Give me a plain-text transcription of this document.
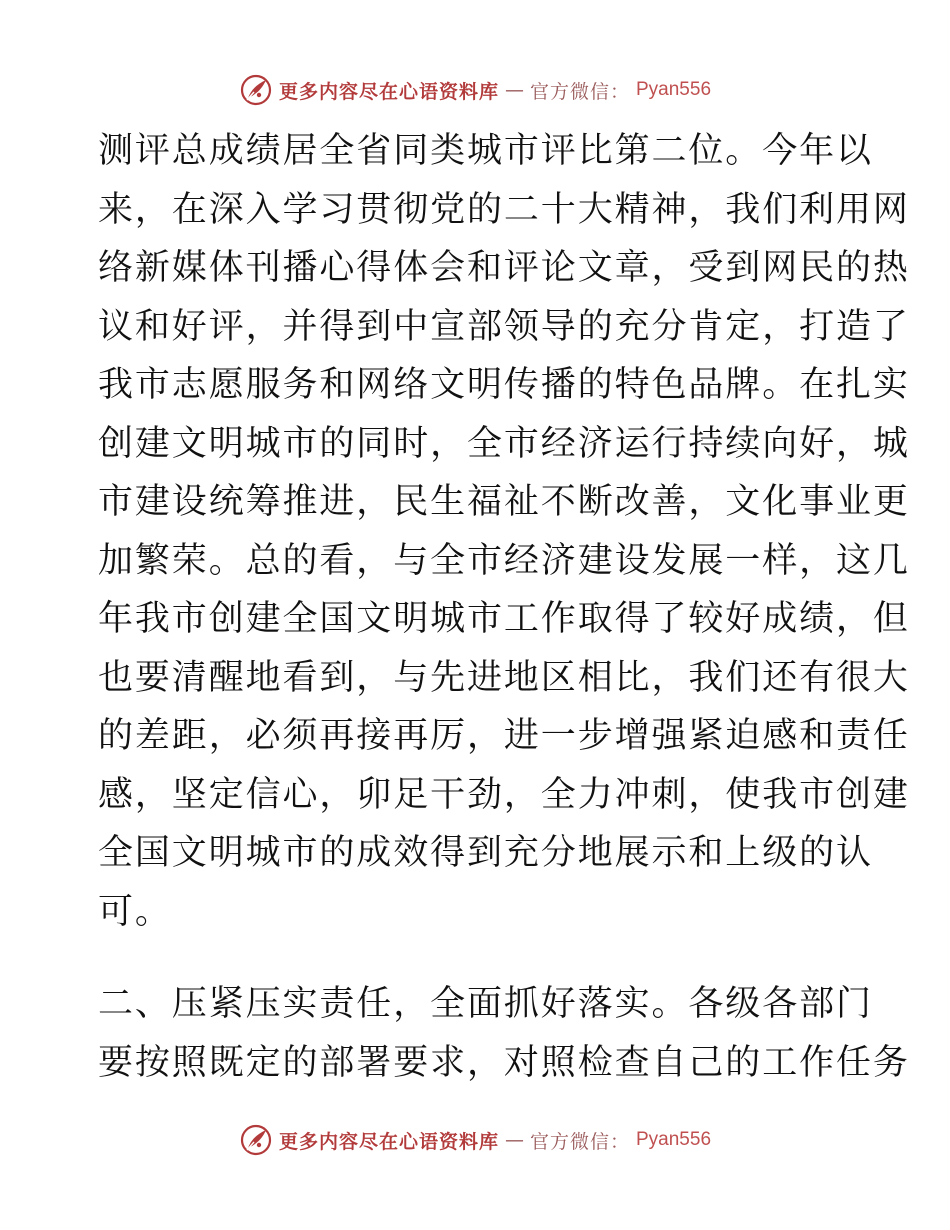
更多内容尽在心语资料库 — 官方微信： Pyan556
测评总成绩居全省同类城市评比第二位。今年以
来，在深入学习贯彻党的二十大精神，我们利用网
络新媒体刊播心得体会和评论文章，受到网民的热
议和好评，并得到中宣部领导的充分肯定，打造了
我市志愿服务和网络文明传播的特色品牌。在扎实
创建文明城市的同时，全市经济运行持续向好，城
市建设统筹推进，民生福祉不断改善，文化事业更
加繁荣。总的看，与全市经济建设发展一样，这几
年我市创建全国文明城市工作取得了较好成绩，但
也要清醒地看到，与先进地区相比，我们还有很大
的差距，必须再接再厉，进一步增强紧迫感和责任
感，坚定信心，卯足干劲，全力冲刺，使我市创建
全国文明城市的成效得到充分地展示和上级的认
可。
二、压紧压实责任，全面抓好落实。各级各部门
要按照既定的部署要求，对照检查自己的工作任务
更多内容尽在心语资料库 — 官方微信： Pyan556
